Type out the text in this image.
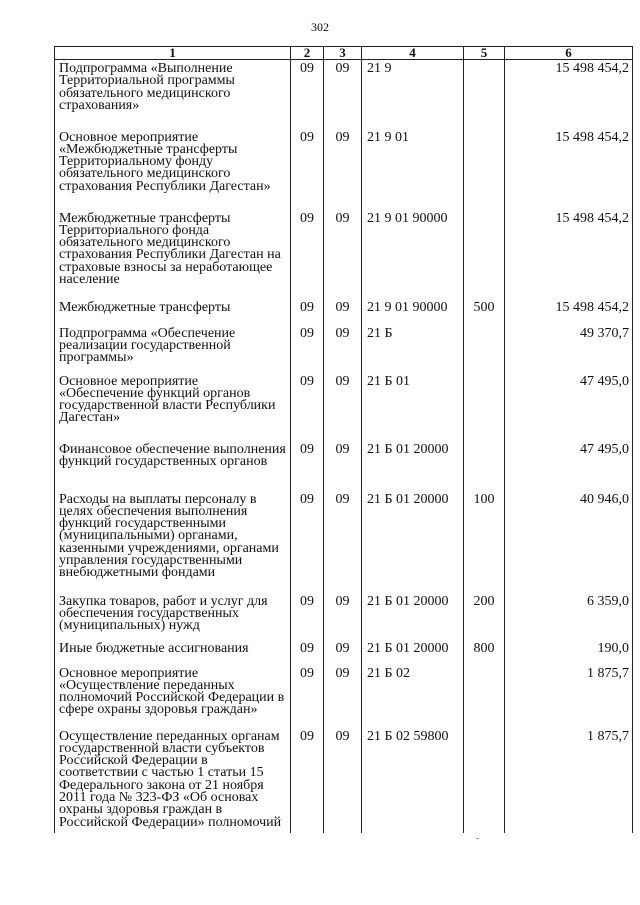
302
1	2	3	4	5	6
Подпрограмма «Выполнение Территориальной программы обязательного медицинского страхования»	09	09	21 9		15 498 454,2
Основное мероприятие «Межбюджетные трансферты Территориальному фонду обязательного медицинского страхования Республики Дагестан»	09	09	21 9 01		15 498 454,2
Межбюджетные трансферты Территориального фонда обязательного медицинского страхования Республики Дагестан на страховые взносы за неработающее население	09	09	21 9 01 90000		15 498 454,2
Межбюджетные трансферты	09	09	21 9 01 90000	500	15 498 454,2
Подпрограмма «Обеспечение реализации государственной программы»	09	09	21 Б		49 370,7
Основное мероприятие «Обеспечение функций органов государственной власти Республики Дагестан»	09	09	21 Б 01		47 495,0
Финансовое обеспечение выполнения функций государственных органов	09	09	21 Б 01 20000		47 495,0
Расходы на выплаты персоналу в целях обеспечения выполнения функций государственными (муниципальными) органами, казенными учреждениями, органами управления государственными внебюджетными фондами	09	09	21 Б 01 20000	100	40 946,0
Закупка товаров, работ и услуг для обеспечения государственных (муниципальных) нужд	09	09	21 Б 01 20000	200	6 359,0
Иные бюджетные ассигнования	09	09	21 Б 01 20000	800	190,0
Основное мероприятие «Осуществление переданных полномочий Российской Федерации в сфере охраны здоровья граждан»	09	09	21 Б 02		1 875,7
Осуществление переданных органам государственной власти субъектов Российской Федерации в соответствии с частью 1 статьи 15 Федерального закона от 21 ноября 2011 года № 323-ФЗ «Об основах охраны здоровья граждан в Российской Федерации» полномочий	09	09	21 Б 02 59800		1 875,7
